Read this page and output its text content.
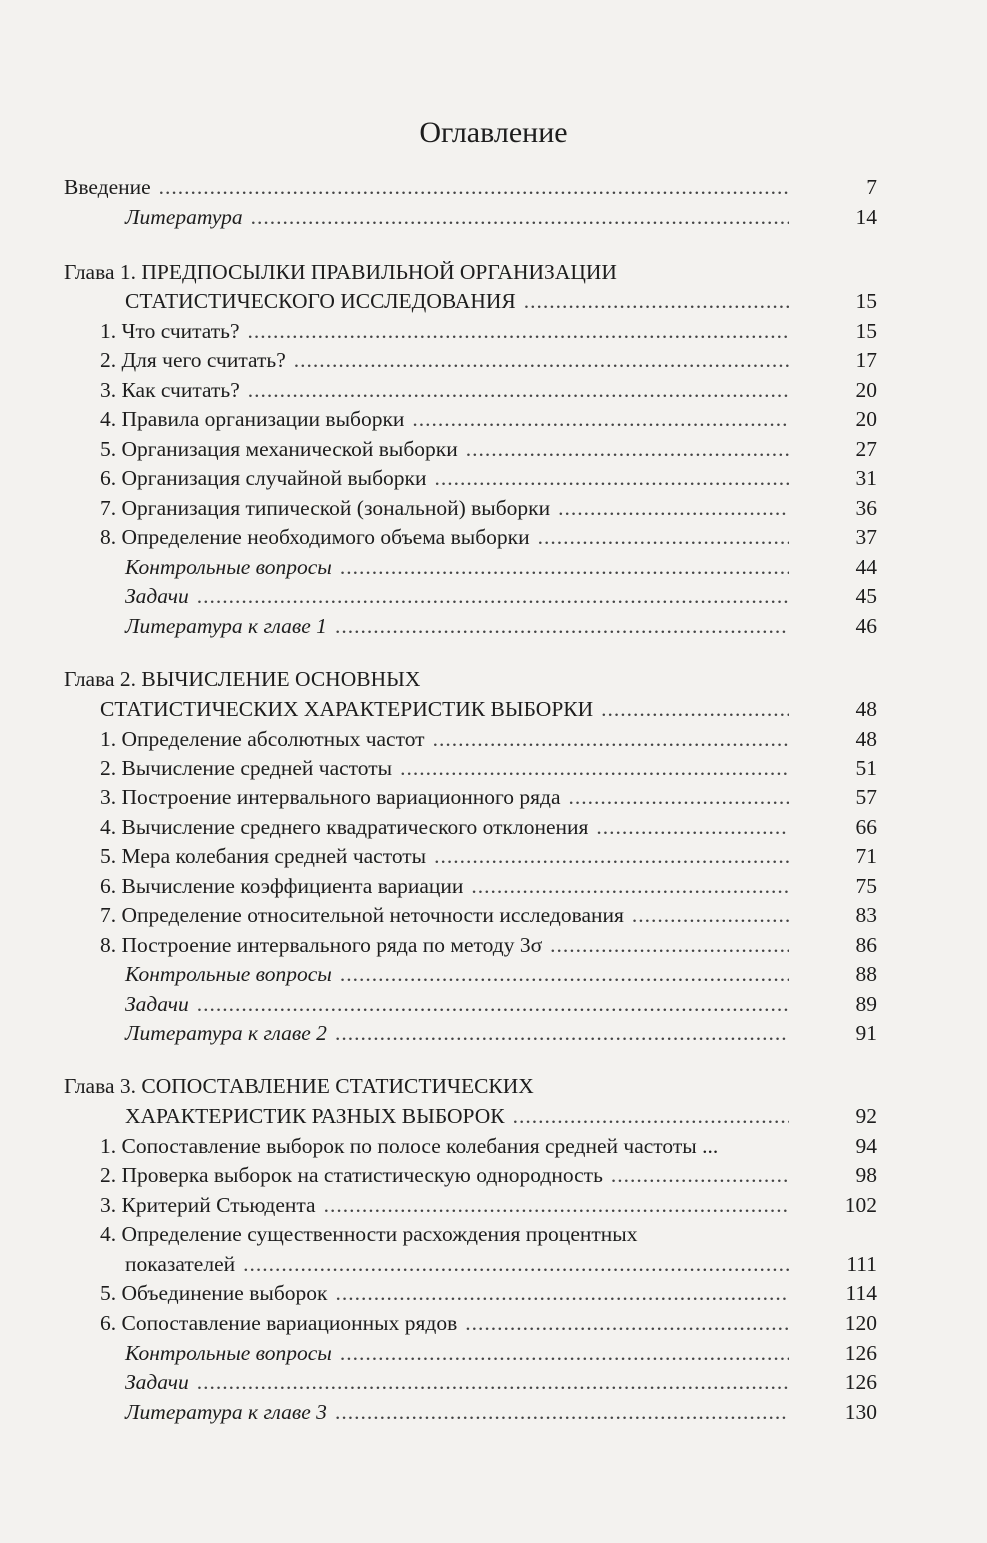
Оглавление
Введение .....	7
Литература .....	14
Глава 1. ПРЕДПОСЫЛКИ ПРАВИЛЬНОЙ ОРГАНИЗАЦИИ
СТАТИСТИЧЕСКОГО ИССЛЕДОВАНИЯ .....	15
1. Что считать? .....	15
2. Для чего считать? .....	17
3. Как считать? .....	20
4. Правила организации выборки .....	20
5. Организация механической выборки .....	27
6. Организация случайной выборки .....	31
7. Организация типической (зональной) выборки .....	36
8. Определение необходимого объема выборки .....	37
Контрольные вопросы .....	44
Задачи .....	45
Литература к главе 1 .....	46
Глава 2. ВЫЧИСЛЕНИЕ ОСНОВНЫХ
СТАТИСТИЧЕСКИХ ХАРАКТЕРИСТИК ВЫБОРКИ .....	48
1. Определение абсолютных частот .....	48
2. Вычисление средней частоты .....	51
3. Построение интервального вариационного ряда .....	57
4. Вычисление среднего квадратического отклонения .....	66
5. Мера колебания средней частоты .....	71
6. Вычисление коэффициента вариации .....	75
7. Определение относительной неточности исследования .....	83
8. Построение интервального ряда по методу 3σ .....	86
Контрольные вопросы .....	88
Задачи .....	89
Литература к главе 2 .....	91
Глава 3. СОПОСТАВЛЕНИЕ СТАТИСТИЧЕСКИХ
ХАРАКТЕРИСТИК РАЗНЫХ ВЫБОРОК .....	92
1. Сопоставление выборок по полосе колебания средней частоты ...	94
2. Проверка выборок на статистическую однородность .....	98
3. Критерий Стьюдента .....	102
4. Определение существенности расхождения процентных
показателей .....	111
5. Объединение выборок .....	114
6. Сопоставление вариационных рядов .....	120
Контрольные вопросы .....	126
Задачи .....	126
Литература к главе 3 .....	130
